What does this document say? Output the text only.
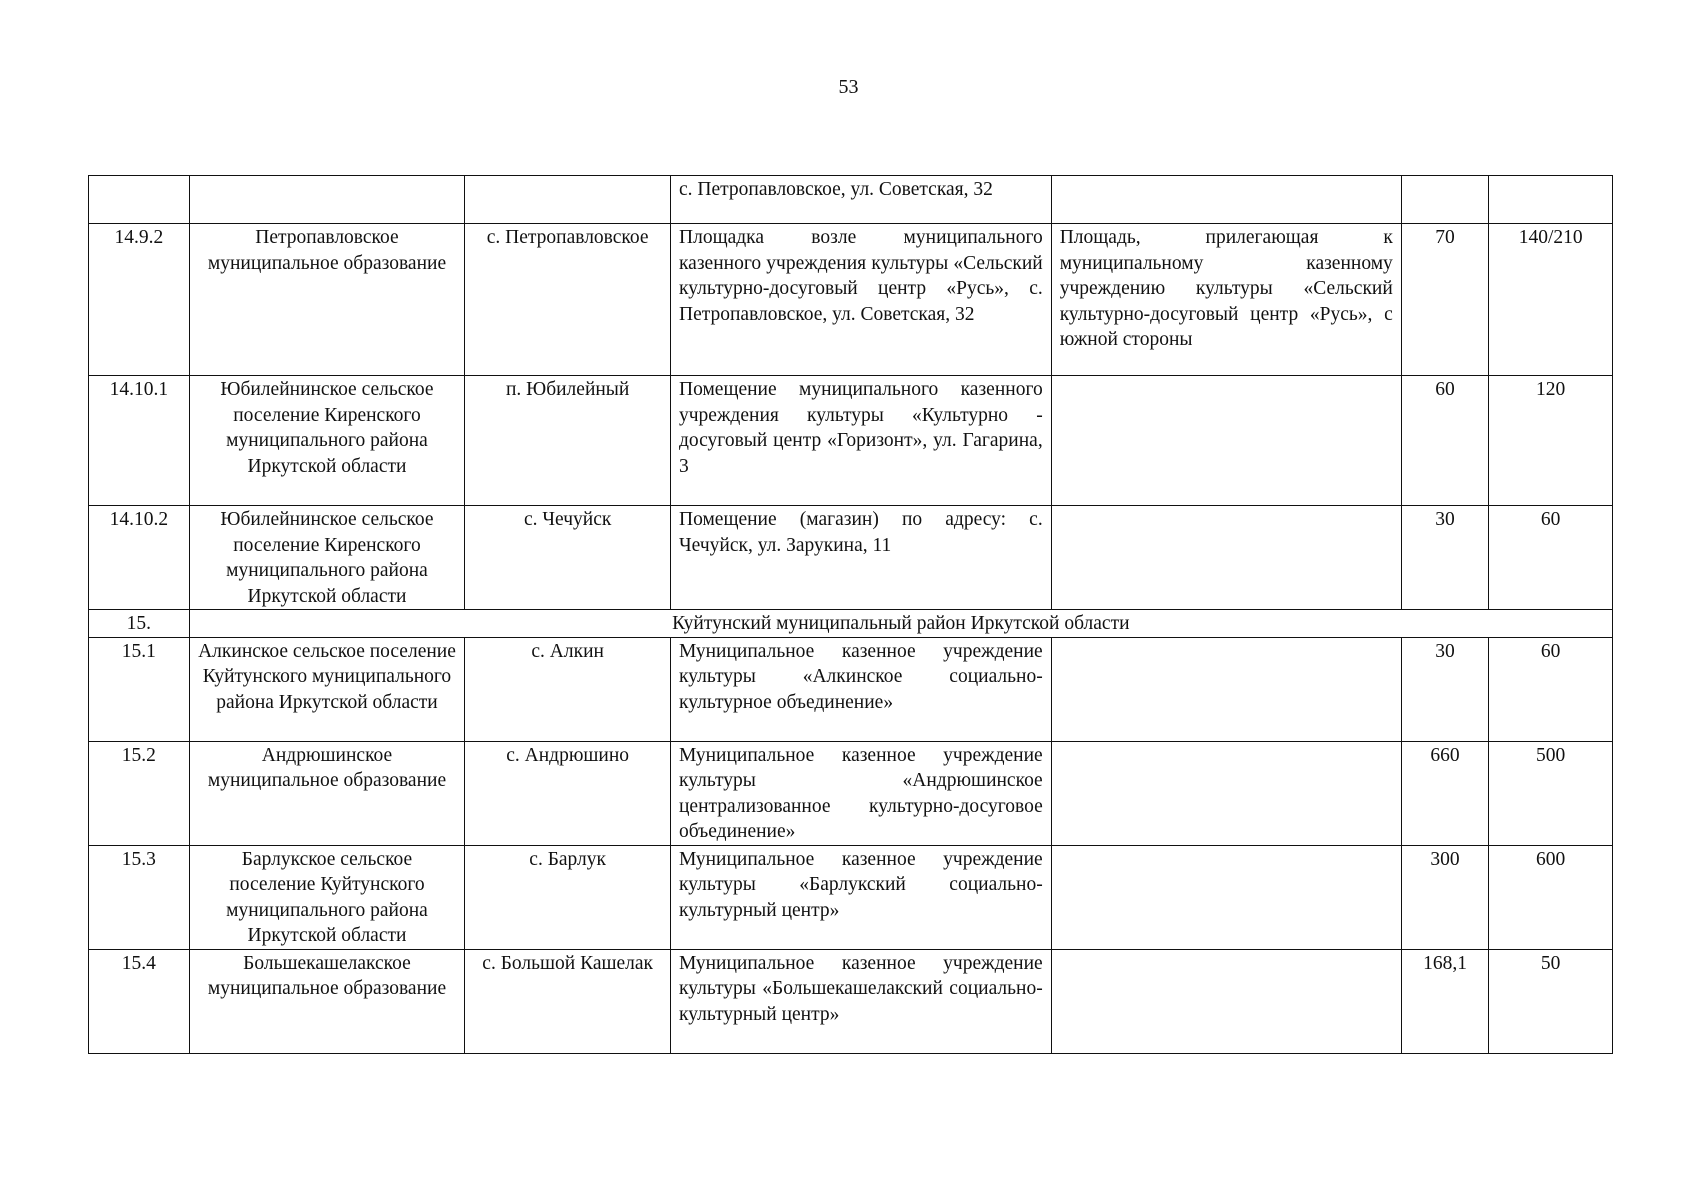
53
			с. Петропавловское, ул. Советская, 32			
14.9.2	Петропавловское муниципальное образование	с. Петропавловское	Площадка возле муниципального казенного учреждения культуры «Сельский культурно-досуговый центр «Русь», с. Петропавловское, ул. Советская, 32	Площадь, прилегающая к муниципальному казенному учреждению культуры «Сельский культурно-досуговый центр «Русь», с южной стороны	70	140/210
14.10.1	Юбилейнинское сельское поселение Киренского муниципального района Иркутской области	п. Юбилейный	Помещение муниципального казенного учреждения культуры «Культурно - досуговый центр «Горизонт», ул. Гагарина, 3		60	120
14.10.2	Юбилейнинское сельское поселение Киренского муниципального района Иркутской области	с. Чечуйск	Помещение (магазин) по адресу: с. Чечуйск, ул. Зарукина, 11		30	60
15.	Куйтунский муниципальный район Иркутской области					
15.1	Алкинское сельское поселение Куйтунского муниципального района Иркутской области	с. Алкин	Муниципальное казенное учреждение культуры «Алкинское социально-культурное объединение»		30	60
15.2	Андрюшинское муниципальное образование	с. Андрюшино	Муниципальное казенное учреждение культуры «Андрюшинское централизованное культурно-досуговое объединение»		660	500
15.3	Барлукское сельское поселение Куйтунского муниципального района Иркутской области	с. Барлук	Муниципальное казенное учреждение культуры «Барлукский социально-культурный центр»		300	600
15.4	Большекашелакское муниципальное образование	с. Большой Кашелак	Муниципальное казенное учреждение культуры «Большекашелакский социально-культурный центр»		168,1	50
